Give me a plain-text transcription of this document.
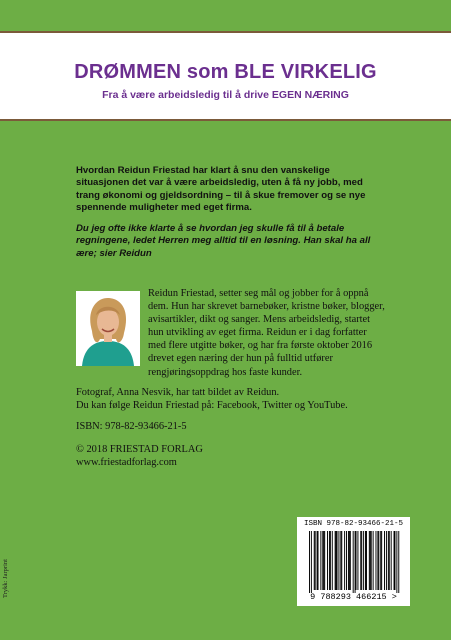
DRØMMEN som BLE VIRKELIG
Fra å være arbeidsledig til å drive EGEN NÆRING

Hvordan Reidun Friestad har klart å snu den vanskelige situasjonen det var å være arbeidsledig, uten å få ny jobb, med trang økonomi og gjeldsordning – til å skue fremover og se nye spennende muligheter med eget firma.

Du jeg ofte ikke klarte å se hvordan jeg skulle få til å betale regningene, ledet Herren meg alltid til en løsning. Han skal ha all ære; sier Reidun

Reidun Friestad, setter seg mål og jobber for å oppnå dem. Hun har skrevet barnebøker, kristne bøker, blogger, avisartikler, dikt og sanger. Mens arbeidsledig, startet hun utvikling av eget firma. Reidun er i dag forfatter med flere utgitte bøker, og har fra første oktober 2016 drevet egen næring der hun på fulltid utfører rengjøringsoppdrag hos faste kunder.

Fotograf, Anna Nesvik, har tatt bildet av Reidun.

Du kan følge Reidun Friestad på: Facebook, Twitter og YouTube.

ISBN: 978-82-93466-21-5

© 2018 FRIESTAD FORLAG

www.friestadforlag.com

ISBN 978-82-93466-21-5
9 788293 466215 >
Trykk: Jarprint
